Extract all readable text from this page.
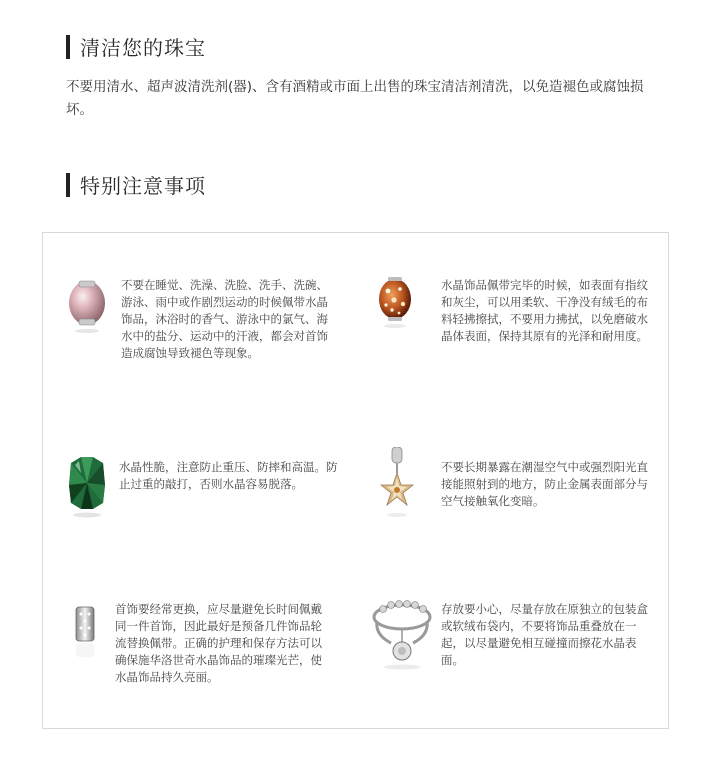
清洁您的珠宝

不要用清水、超声波清洗剂(器)、含有酒精或市面上出售的珠宝清洁剂清洗，以免造褪色或腐蚀损坏。

特别注意事项
不要在睡觉、洗澡、洗脸、洗手、洗碗、游泳、雨中或作剧烈运动的时候佩带水晶饰品，沐浴时的香气、游泳中的氯气、海水中的盐分、运动中的汗液，都会对首饰造成腐蚀导致褪色等现象。
水晶饰品佩带完毕的时候，如表面有指纹和灰尘，可以用柔软、干净没有绒毛的布料轻拂擦拭，不要用力拂拭，以免磨破水晶体表面，保持其原有的光泽和耐用度。
水晶性脆，注意防止重压、防摔和高温。防止过重的敲打，否则水晶容易脱落。
不要长期暴露在潮湿空气中或强烈阳光直接能照射到的地方，防止金属表面部分与空气接触氧化变暗。
首饰要经常更换，应尽量避免长时间佩戴同一件首饰，因此最好是预备几件饰品轮流替换佩带。正确的护理和保存方法可以确保施华洛世奇水晶饰品的璀璨光芒，使水晶饰品持久亮丽。
存放要小心，尽量存放在原独立的包装盒或软绒布袋内，不要将饰品重叠放在一起，以尽量避免相互碰撞而擦花水晶表面。
